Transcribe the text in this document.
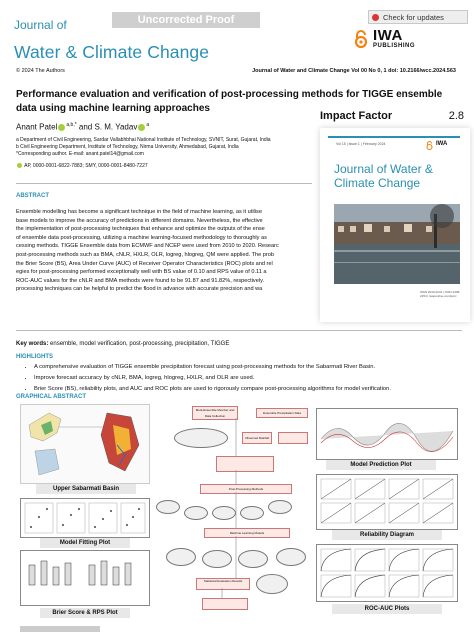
Journal of
Water & Climate Change
Uncorrected Proof	Check for updates
IWA
PUBLISHING
© 2024 The Authors	Journal of Water and Climate Change Vol 00 No 0, 1 doi: 10.2166/wcc.2024.563
Performance evaluation and verification of post-processing methods for TIGGE ensemble data using machine learning approaches
Anant Patel $^{a,b,*}$ and S. M. Yadav $^a$
a Department of Civil Engineering, Sardar Vallabhbhai National Institute of Technology, SVNIT, Surat, Gujarat, India
b Civil Engineering Department, Institute of Technology, Nirma University, Ahmedabad, Gujarat, India
*Corresponding author. E-mail: anant.patel14@gmail.com
AP, 0000-0001-6822-7883; SMY, 0000-0001-8480-7227
ABSTRACT
Ensemble modelling has become a significant technique in the field of machine learning, as it utilise
base models to improve the accuracy of predictions in different domains. Nevertheless, the effective
the implementation of post-processing techniques that enhance and optimize the outputs of the ense
of ensemble data post-processing, utilizing a machine learning-focused methodology to thoroughly as
cessing methods. TIGGE Ensemble data from ECMWF and NCEP were used from 2010 to 2020. Researc
post-processing methods such as BMA, cNLR, HXLR, OLR, logreg, hlogreg, QM were applied. The prob
the Brier Score (BS), Area Under Curve (AUC) of Receiver Operator Characteristics (ROC) plots and rel
egies for post-processing performed exceptionally well with BS value of 0.10 and RPS value of 0.11 a
ROC-AUC values for the cNLR and BMA methods were found to be 91.87 and 91.82%, respectively.
processing techniques can be helpful to predict the flood in advance with accurate precision and wa
Impact Factor	2.8
Vol 15 | Issue 1 | February 2024	IWA
Journal of Water & Climate Change
ISSN 2040-2244 | ISSN 2408-2254 | iwaponline.com/jwcc
Key words: ensemble, model verification, post-processing, precipitation, TIGGE
HIGHLIGHTS
• A comprehensive evaluation of TIGGE ensemble precipitation forecast using post-processing methods for the Sabarmati River Basin.
• Improve forecast accuracy by cNLR, BMA, logreg, hlogreg, HXLR, and OLR are used.
• Brier Score (BS), reliability plots, and AUC and ROC plots are used to rigorously compare post-processing algorithms for model verification.
GRAPHICAL ABSTRACT
Upper Sabarmati Basin
Meta Ensemble Member and Data Collection
Ensemble Precipitation Data
Observed Rainfall
Post-Processing Methods
Machine Learning Models
Statistical Evaluation Results
Model Prediction Plot
Reliability Diagram
ROC-AUC Plots
Model Fitting Plot
Brier Score & RPS Plot
